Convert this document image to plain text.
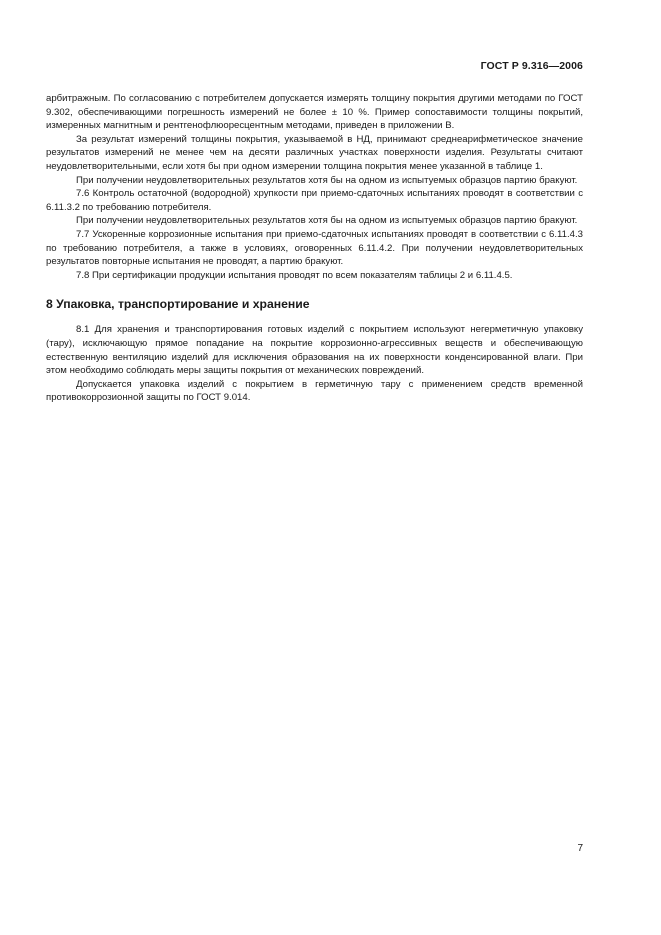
ГОСТ Р 9.316—2006

арбитражным. По согласованию с потребителем допускается измерять толщину покрытия другими методами по ГОСТ 9.302, обеспечивающими погрешность измерений не более ± 10 %. Пример сопоставимости толщины покрытий, измеренных магнитным и рентгенофлюоресцентным методами, приведен в приложении В.

За результат измерений толщины покрытия, указываемой в НД, принимают среднеарифметическое значение результатов измерений не менее чем на десяти различных участках поверхности изделия. Результаты считают неудовлетворительными, если хотя бы при одном измерении толщина покрытия менее указанной в таблице 1.

При получении неудовлетворительных результатов хотя бы на одном из испытуемых образцов партию бракуют.

7.6 Контроль остаточной (водородной) хрупкости при приемо-сдаточных испытаниях проводят в соответствии с 6.11.3.2 по требованию потребителя.

При получении неудовлетворительных результатов хотя бы на одном из испытуемых образцов партию бракуют.

7.7 Ускоренные коррозионные испытания при приемо-сдаточных испытаниях проводят в соответствии с 6.11.4.3 по требованию потребителя, а также в условиях, оговоренных 6.11.4.2. При получении неудовлетворительных результатов повторные испытания не проводят, а партию бракуют.

7.8 При сертификации продукции испытания проводят по всем показателям таблицы 2 и 6.11.4.5.

8 Упаковка, транспортирование и хранение

8.1 Для хранения и транспортирования готовых изделий с покрытием используют негерметичную упаковку (тару), исключающую прямое попадание на покрытие коррозионно-агрессивных веществ и обеспечивающую естественную вентиляцию изделий для исключения образования на их поверхности конденсированной влаги. При этом необходимо соблюдать меры защиты покрытия от механических повреждений.

Допускается упаковка изделий с покрытием в герметичную тару с применением средств временной противокоррозионной защиты по ГОСТ 9.014.

7
